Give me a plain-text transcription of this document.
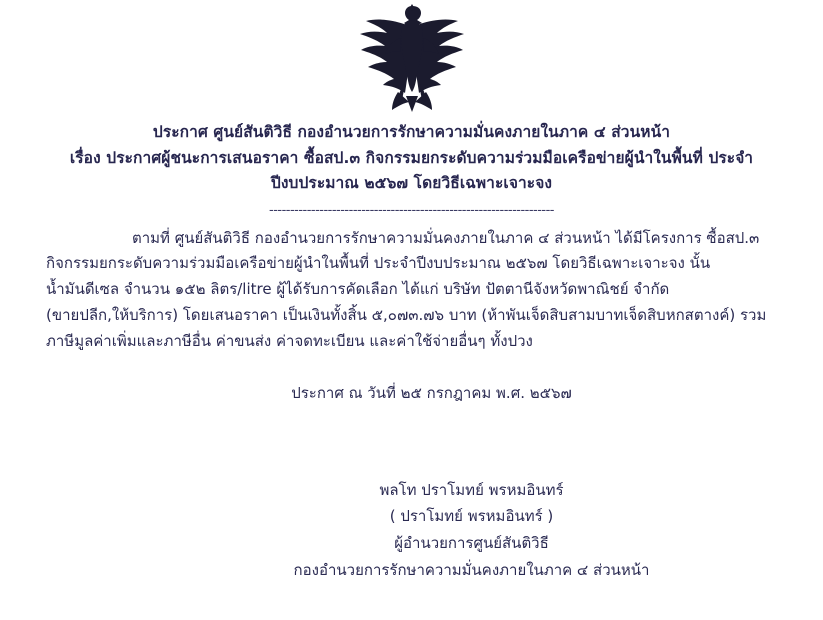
ประกาศ ศูนย์สันติวิธี กองอำนวยการรักษาความมั่นคงภายในภาค ๔ ส่วนหน้า
เรื่อง ประกาศผู้ชนะการเสนอราคา ซื้อสป.๓ กิจกรรมยกระดับความร่วมมือเครือข่ายผู้นำในพื้นที่ ประจำ
ปีงบประมาณ ๒๕๖๗ โดยวิธีเฉพาะเจาะจง
--------------------------------------------------------------------
ตามที่ ศูนย์สันติวิธี กองอำนวยการรักษาความมั่นคงภายในภาค ๔ ส่วนหน้า ได้มีโครงการ ซื้อสป.๓
กิจกรรมยกระดับความร่วมมือเครือข่ายผู้นำในพื้นที่ ประจำปีงบประมาณ ๒๕๖๗ โดยวิธีเฉพาะเจาะจง นั้น
น้ำมันดีเซล จำนวน ๑๕๒ ลิตร/litre ผู้ได้รับการคัดเลือก ได้แก่ บริษัท ปัตตานีจังหวัดพาณิชย์ จำกัด
(ขายปลีก,ให้บริการ) โดยเสนอราคา เป็นเงินทั้งสิ้น ๕,๐๗๓.๗๖ บาท (ห้าพันเจ็ดสิบสามบาทเจ็ดสิบหกสตางค์) รวม
ภาษีมูลค่าเพิ่มและภาษีอื่น ค่าขนส่ง ค่าจดทะเบียน และค่าใช้จ่ายอื่นๆ ทั้งปวง
ประกาศ ณ วันที่ ๒๕ กรกฎาคม พ.ศ. ๒๕๖๗
พลโท ปราโมทย์ พรหมอินทร์
( ปราโมทย์ พรหมอินทร์ )
ผู้อำนวยการศูนย์สันติวิธี
กองอำนวยการรักษาความมั่นคงภายในภาค ๔ ส่วนหน้า
